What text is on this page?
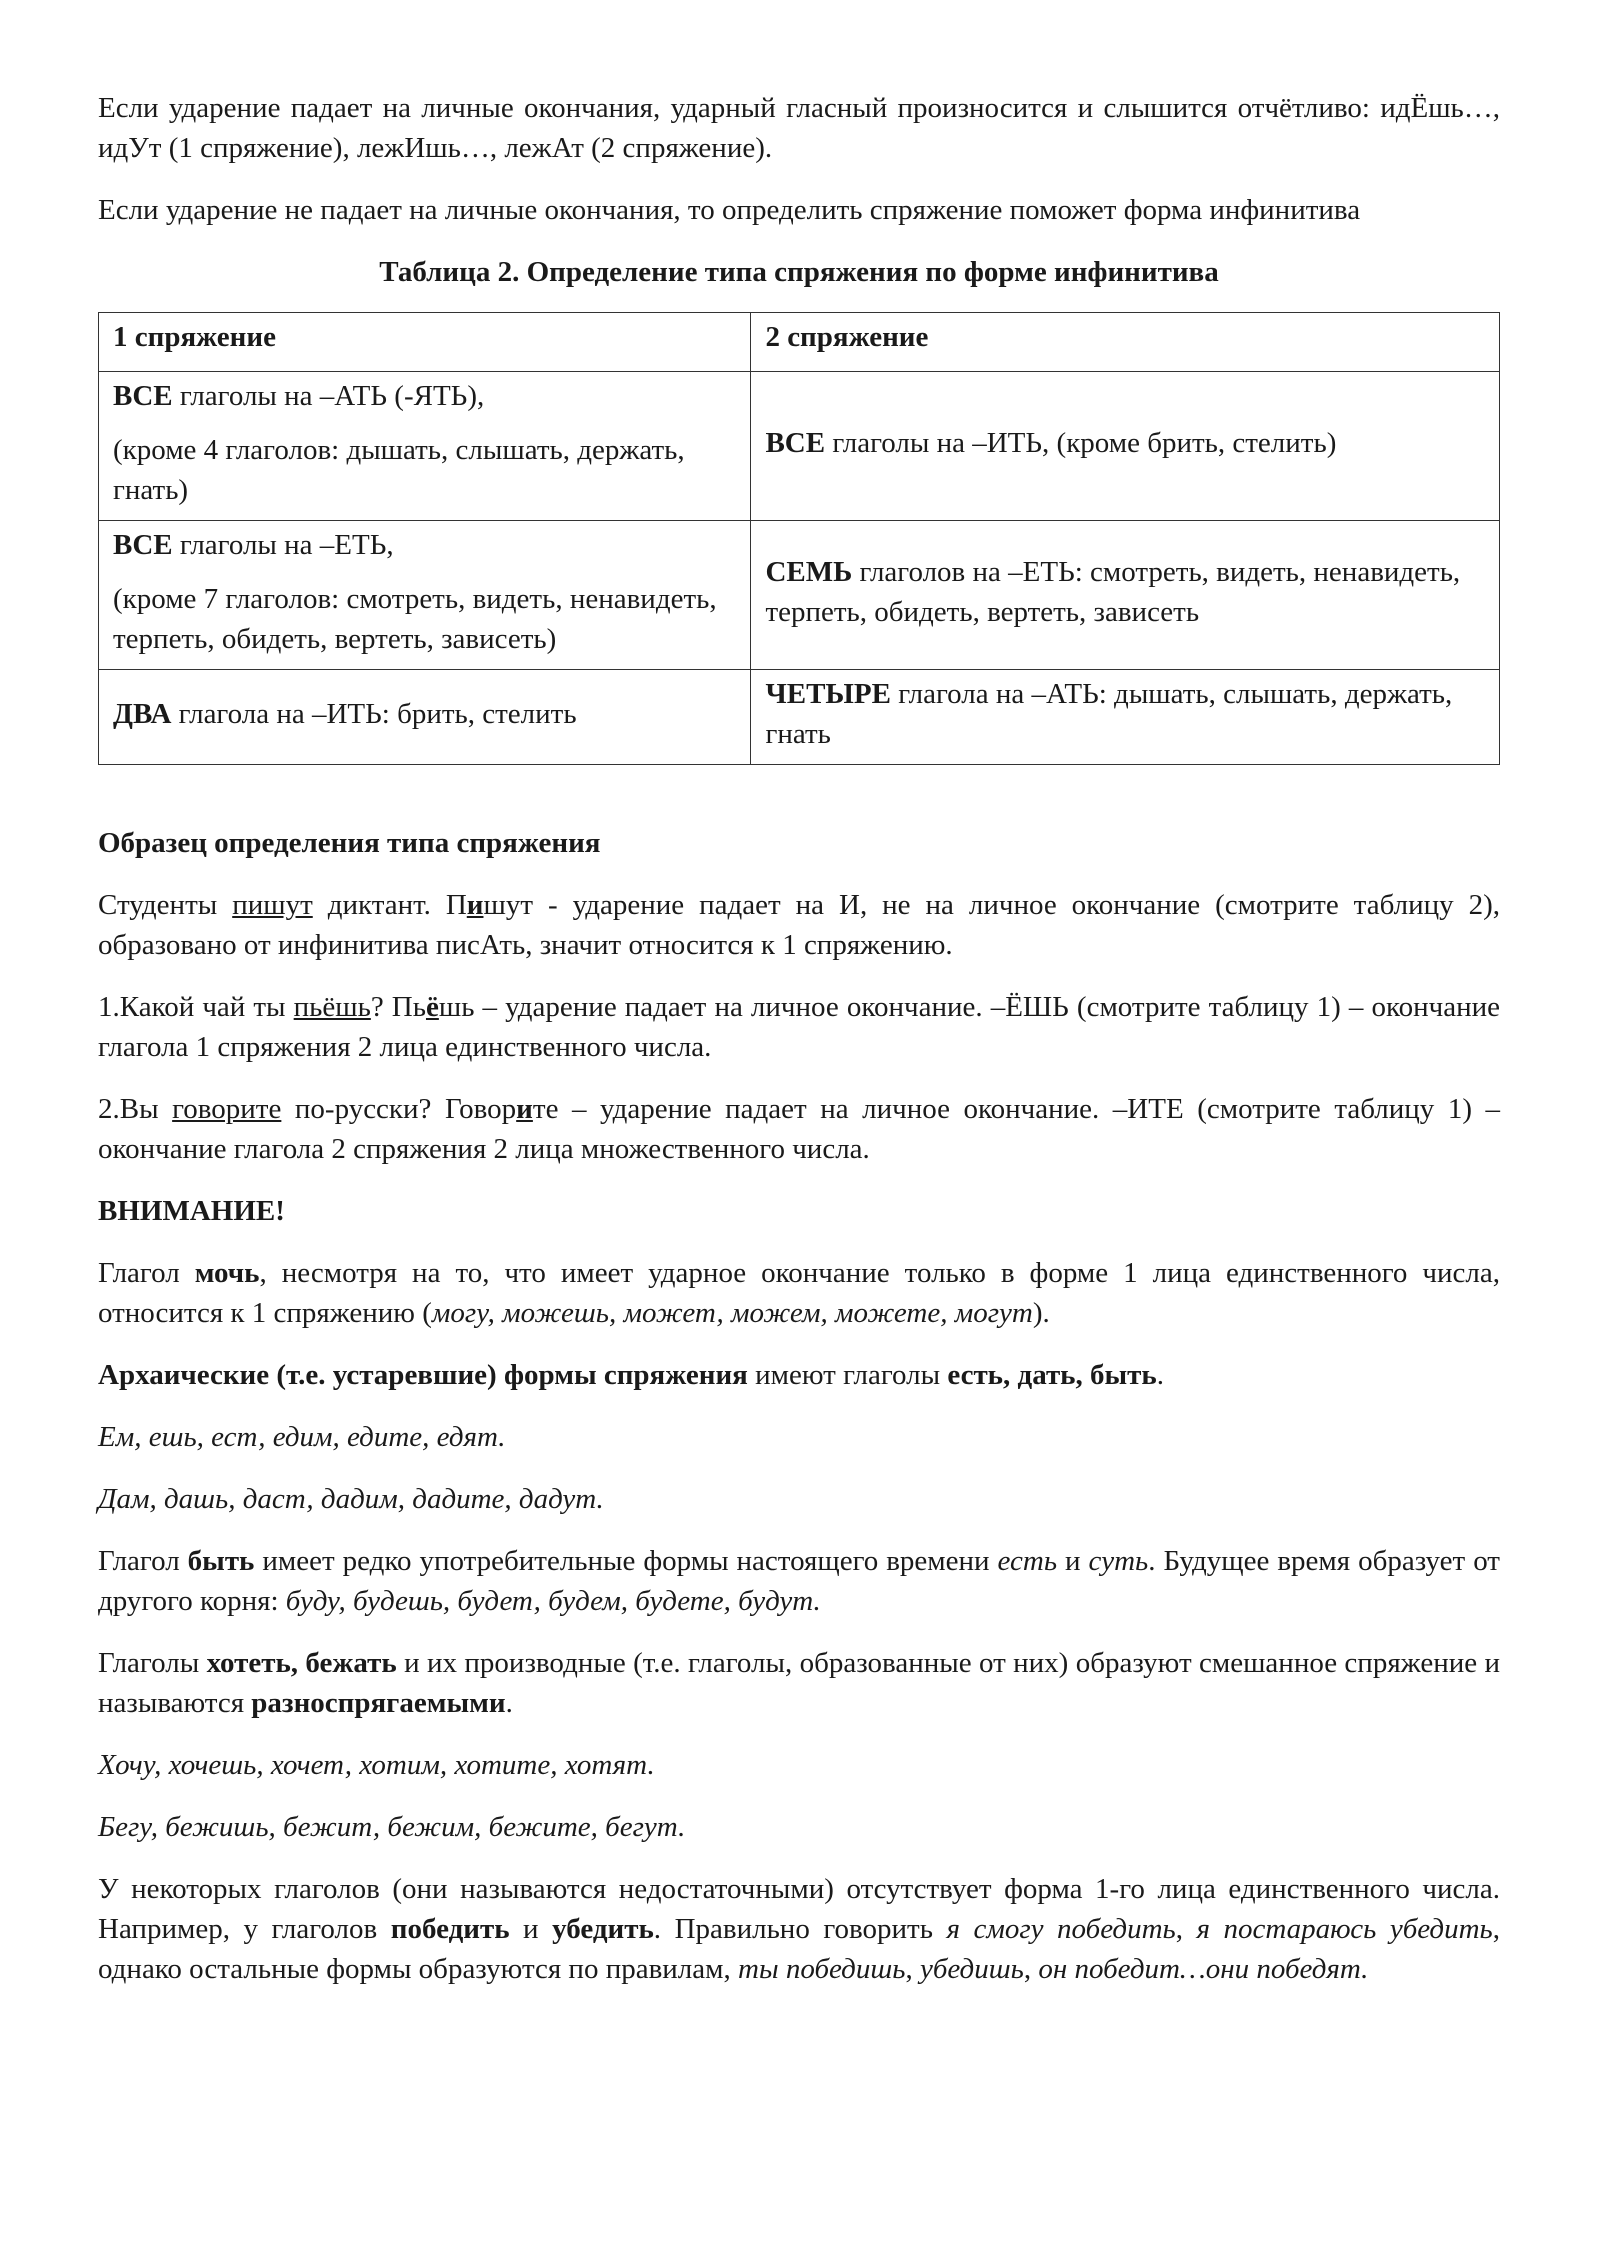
Если ударение падает на личные окончания, ударный гласный произносится и слышится отчётливо: идЁшь…, идУт (1 спряжение), лежИшь…, лежАт (2 спряжение).

Если ударение не падает на личные окончания, то определить спряжение поможет форма инфинитива

Таблица 2. Определение типа спряжения по форме инфинитива

1 спряжение	2 спряжение

ВСЕ глаголы на –АТЬ (-ЯТЬ),

(кроме 4 глаголов: дышать, слышать, держать, гнать)	ВСЕ глаголы на –ИТЬ, (кроме брить, стелить)

ВСЕ глаголы на –ЕТЬ,

(кроме 7 глаголов: смотреть, видеть, ненавидеть, терпеть, обидеть, вертеть, зависеть)	СЕМЬ глаголов на –ЕТЬ: смотреть, видеть, ненавидеть, терпеть, обидеть, вертеть, зависеть

ДВА глагола на –ИТЬ: брить, стелить	ЧЕТЫРЕ глагола на –АТЬ: дышать, слышать, держать, гнать

Образец определения типа спряжения

Студенты пишут диктант. Пишут - ударение падает на И, не на личное окончание (смотрите таблицу 2), образовано от инфинитива писАть, значит относится к 1 спряжению.

1.Какой чай ты пьёшь? Пьёшь – ударение падает на личное окончание. –ЁШЬ (смотрите таблицу 1) – окончание глагола 1 спряжения 2 лица единственного числа.

2.Вы говорите по-русски? Говорите – ударение падает на личное окончание. –ИТЕ (смотрите таблицу 1) – окончание глагола 2 спряжения 2 лица множественного числа.

ВНИМАНИЕ!

Глагол мочь, несмотря на то, что имеет ударное окончание только в форме 1 лица единственного числа, относится к 1 спряжению (могу, можешь, может, можем, можете, могут).

Архаические (т.е. устаревшие) формы спряжения имеют глаголы есть, дать, быть.

Ем, ешь, ест, едим, едите, едят.

Дам, дашь, даст, дадим, дадите, дадут.

Глагол быть имеет редко употребительные формы настоящего времени есть и суть. Будущее время образует от другого корня: буду, будешь, будет, будем, будете, будут.

Глаголы хотеть, бежать и их производные (т.е. глаголы, образованные от них) образуют смешанное спряжение и называются разноспрягаемыми.

Хочу, хочешь, хочет, хотим, хотите, хотят.

Бегу, бежишь, бежит, бежим, бежите, бегут.

У некоторых глаголов (они называются недостаточными) отсутствует форма 1-го лица единственного числа. Например, у глаголов победить и убедить. Правильно говорить я смогу победить, я постараюсь убедить, однако остальные формы образуются по правилам, ты победишь, убедишь, он победит…они победят.
